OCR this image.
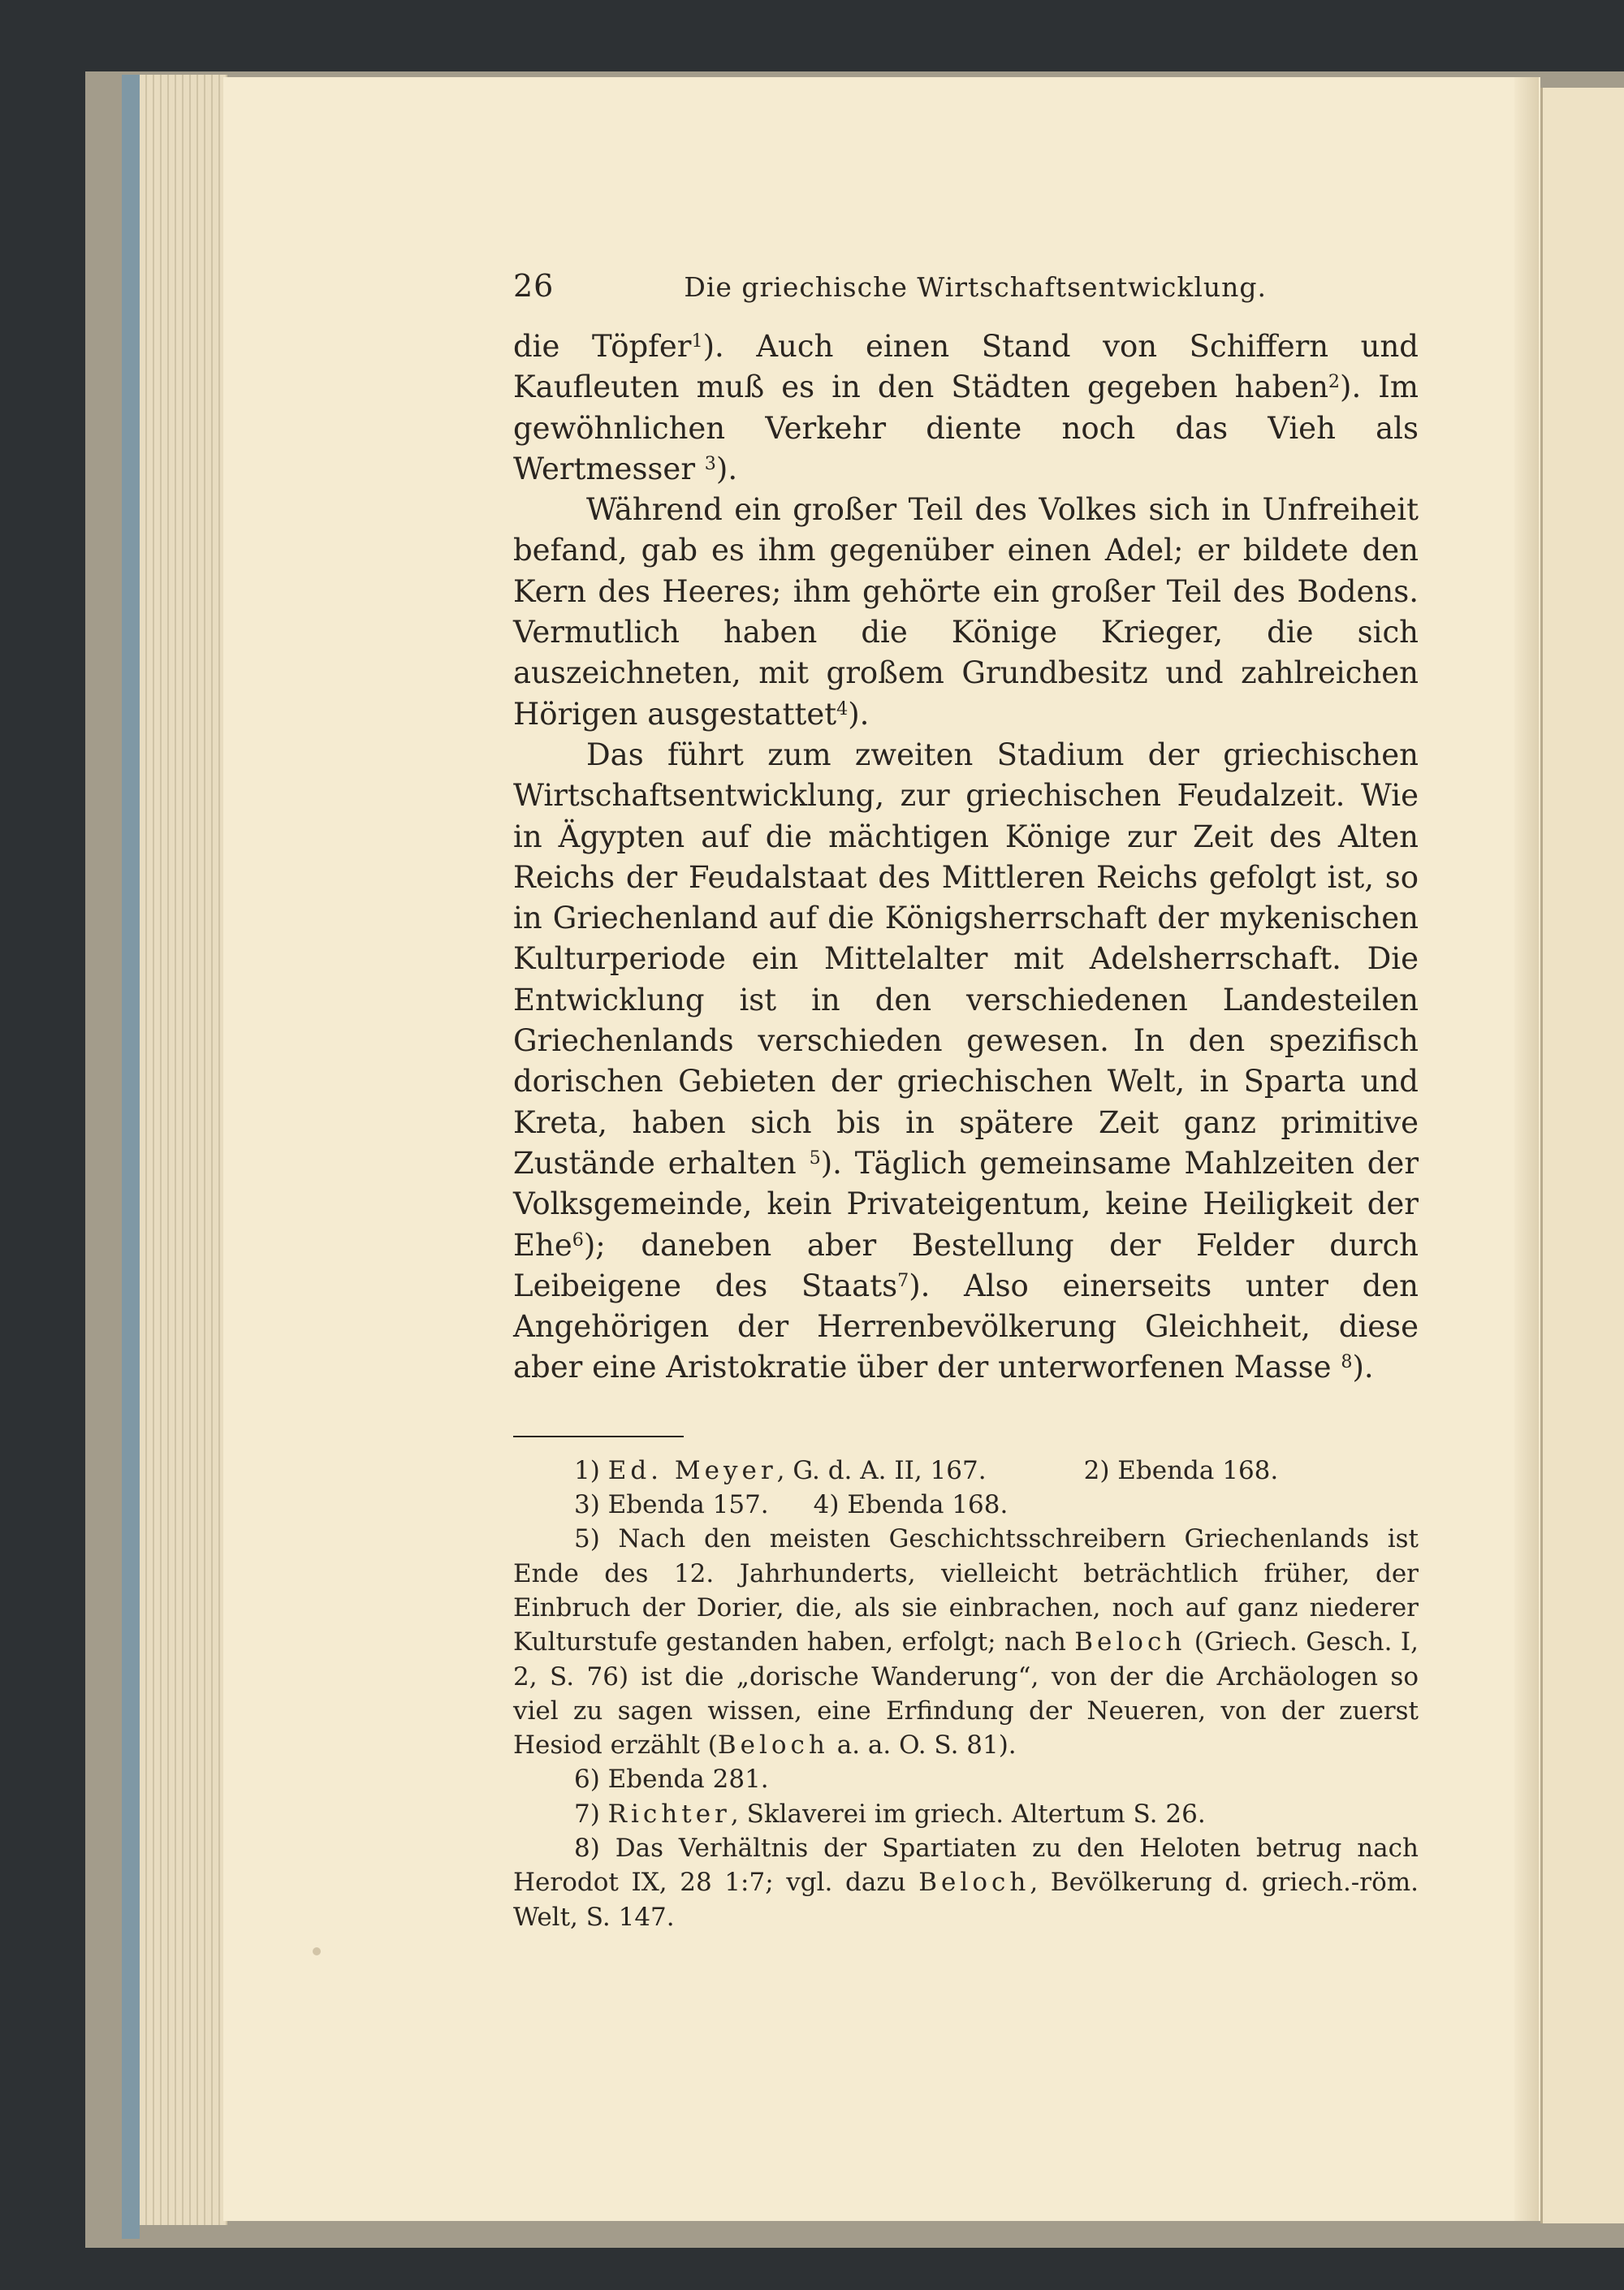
26	Die griechische Wirtschaftsentwicklung.

die Töpfer$^1$). Auch einen Stand von Schiffern und Kaufleuten muß es in den Städten gegeben haben$^2$). Im gewöhnlichen Verkehr diente noch das Vieh als Wertmesser $^3$).

Während ein großer Teil des Volkes sich in Unfreiheit befand, gab es ihm gegenüber einen Adel; er bildete den Kern des Heeres; ihm gehörte ein großer Teil des Bodens. Vermutlich haben die Könige Krieger, die sich auszeichneten, mit großem Grundbesitz und zahlreichen Hörigen ausgestattet$^4$).

Das führt zum zweiten Stadium der griechischen Wirtschaftsentwicklung, zur griechischen Feudalzeit. Wie in Ägypten auf die mächtigen Könige zur Zeit des Alten Reichs der Feudalstaat des Mittleren Reichs gefolgt ist, so in Griechenland auf die Königsherrschaft der mykenischen Kulturperiode ein Mittelalter mit Adelsherrschaft. Die Entwicklung ist in den verschiedenen Landesteilen Griechenlands verschieden gewesen. In den spezifisch dorischen Gebieten der griechischen Welt, in Sparta und Kreta, haben sich bis in spätere Zeit ganz primitive Zustände erhalten $^5$). Täglich gemeinsame Mahlzeiten der Volksgemeinde, kein Privateigentum, keine Heiligkeit der Ehe$^6$); daneben aber Bestellung der Felder durch Leibeigene des Staats$^7$). Also einerseits unter den Angehörigen der Herrenbevölkerung Gleichheit, diese aber eine Aristokratie über der unterworfenen Masse $^8$).

1)
Ed. Meyer , G. d. A. II, 167.	2) Ebenda 168.
3) Ebenda 157. 4) Ebenda 168.

5) Nach den meisten Geschichtsschreibern Griechenlands ist Ende des 12. Jahrhunderts, vielleicht beträchtlich früher, der Einbruch der Dorier, die, als sie einbrachen, noch auf ganz niederer Kulturstufe gestanden haben, erfolgt; nach Beloch (Griech. Gesch. I, 2, S. 76) ist die „dorische Wanderung“, von der die Archäologen so viel zu sagen wissen, eine Erfindung der Neueren, von der zuerst Hesiod erzählt (Beloch a. a. O. S. 81).

6) Ebenda 281.

7) Richter, Sklaverei im griech. Altertum S. 26.

8) Das Verhältnis der Spartiaten zu den Heloten betrug nach Herodot IX, 28 1:7; vgl. dazu Beloch, Bevölkerung d. griech.-röm. Welt, S. 147.
